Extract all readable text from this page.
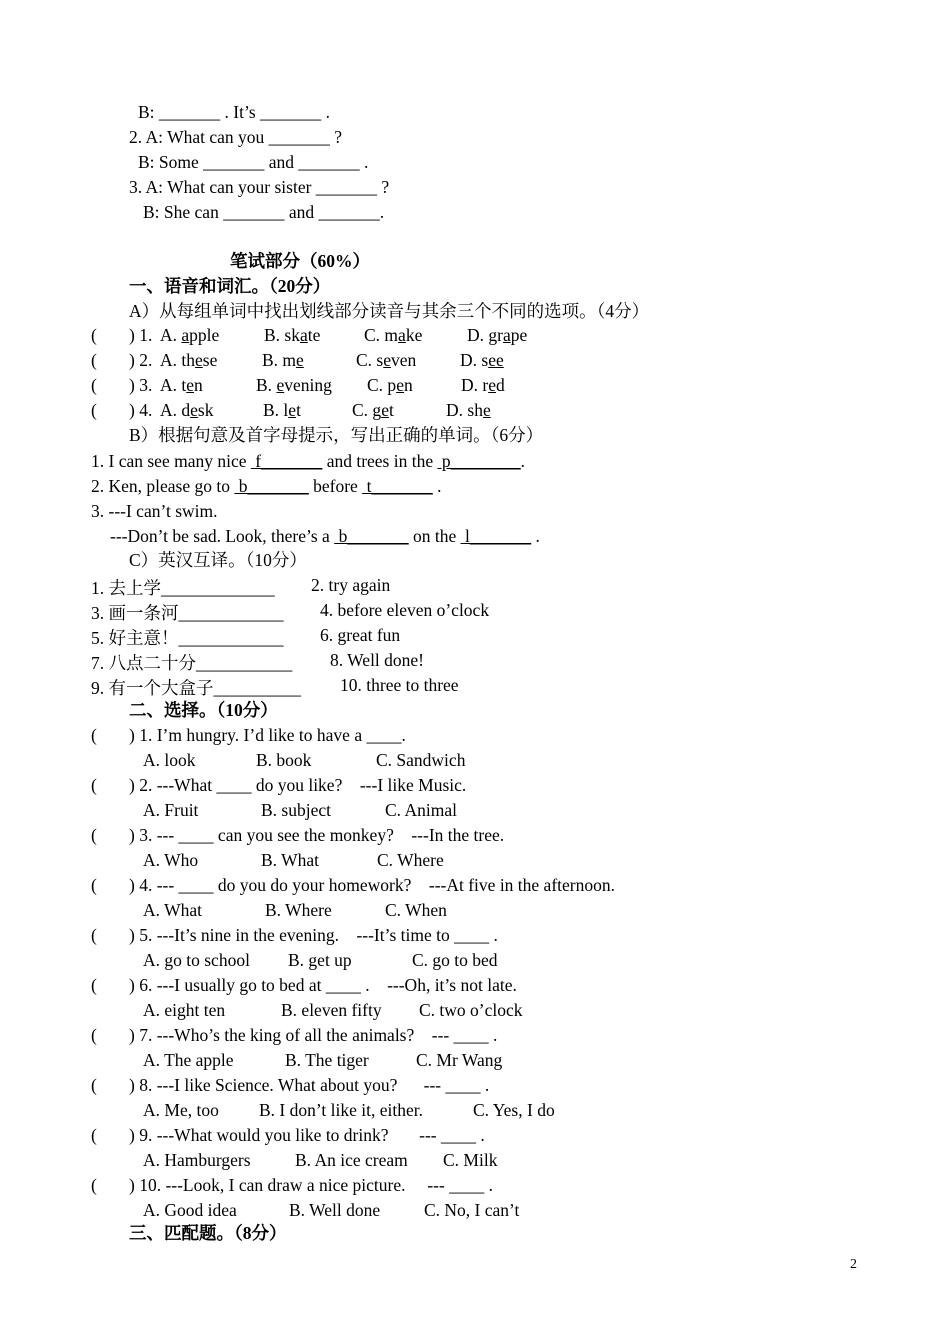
B: _______ . It’s _______ .
2. A: What can you _______ ?
B: Some _______ and _______ .
3. A: What can your sister _______ ?
B: She can _______ and _______.
笔试部分（60%）
一、语音和词汇。（20分）
A）从每组单词中找出划线部分读音与其余三个不同的选项。（4分）
( ) 1. A. apple	B. skate C. make	D. grape
( ) 2. A. these	B. me	C. seven D. see
( ) 3. A. ten	B. evening C. pen	D. red
( ) 4. A. desk	B. let	C. get	D. she
B）根据句意及首字母提示，写出正确的单词。（6分）
1. I can see many nice  f_______ and trees in the  p________.
2. Ken, please go to  b_______ before  t_______ .
3. ---I can’t swim.
---Don’t be sad. Look, there’s a  b_______ on the  l_______ .
C）英汉互译。（10分）
1. 去上学_____________ 2. try again
3. 画一条河____________ 4. before eleven o’clock
5. 好主意！____________ 6. great fun
7. 八点二十分___________ 8. Well done!
9. 有一个大盒子__________ 10. three to three
二、选择。（10分）
( ) 1. I’m hungry. I’d like to have a ____.
A. look	B. book	C. Sandwich
( ) 2. ---What ____ do you like?    ---I like Music.
A. Fruit	B. subject	C. Animal
( ) 3. --- ____ can you see the monkey?    ---In the tree.
A. Who	B. What	C. Where
( ) 4. --- ____ do you do your homework?    ---At five in the afternoon.
A. What	B. Where	C. When
( ) 5. ---It’s nine in the evening.    ---It’s time to ____ .
A. go to school B. get up	C. go to bed
( ) 6. ---I usually go to bed at ____ .    ---Oh, it’s not late.
A. eight ten	B. eleven fifty C. two o’clock
( ) 7. ---Who’s the king of all the animals?    --- ____ .
A. The apple	B. The tiger	C. Mr Wang
( ) 8. ---I like Science. What about you?      --- ____ .
A. Me, too B. I don’t like it, either.	C. Yes, I do
( ) 9. ---What would you like to drink?       --- ____ .
A. Hamburgers	B. An ice cream C. Milk
( ) 10. ---Look, I can draw a nice picture.     --- ____ .
A. Good idea	B. Well done	C. No, I can’t
三、匹配题。（8分）
2
